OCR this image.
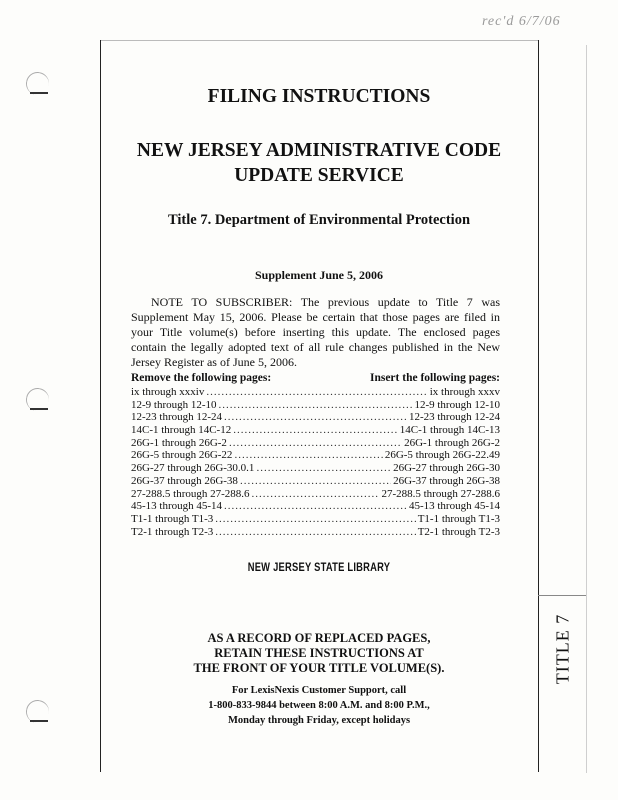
rec'd 6/7/06
FILING INSTRUCTIONS
NEW JERSEY ADMINISTRATIVE CODE
UPDATE SERVICE
Title 7. Department of Environmental Protection
Supplement June 5, 2006
NOTE TO SUBSCRIBER: The previous update to Title 7 was Supplement May 15, 2006. Please be certain that those pages are filed in your Title volume(s) before inserting this update. The enclosed pages contain the legally adopted text of all rule changes published in the New Jersey Register as of June 5, 2006.
Remove the following pages:	Insert the following pages:
ix through xxxiv .....	ix through xxxv
12-9 through 12-10 .....	12-9 through 12-10
12-23 through 12-24 .....	12-23 through 12-24
14C-1 through 14C-12 .....	14C-1 through 14C-13
26G-1 through 26G-2 .....	26G-1 through 26G-2
26G-5 through 26G-22 .....	26G-5 through 26G-22.49
26G-27 through 26G-30.0.1 .....	26G-27 through 26G-30
26G-37 through 26G-38 .....	26G-37 through 26G-38
27-288.5 through 27-288.6 .....	27-288.5 through 27-288.6
45-13 through 45-14 .....	45-13 through 45-14
T1-1 through T1-3 .....	T1-1 through T1-3
T2-1 through T2-3 .....	T2-1 through T2-3
NEW JERSEY STATE LIBRARY
AS A RECORD OF REPLACED PAGES,
RETAIN THESE INSTRUCTIONS AT
THE FRONT OF YOUR TITLE VOLUME(S).
For LexisNexis Customer Support, call
1-800-833-9844 between 8:00 A.M. and 8:00 P.M.,
Monday through Friday, except holidays
TITLE 7
